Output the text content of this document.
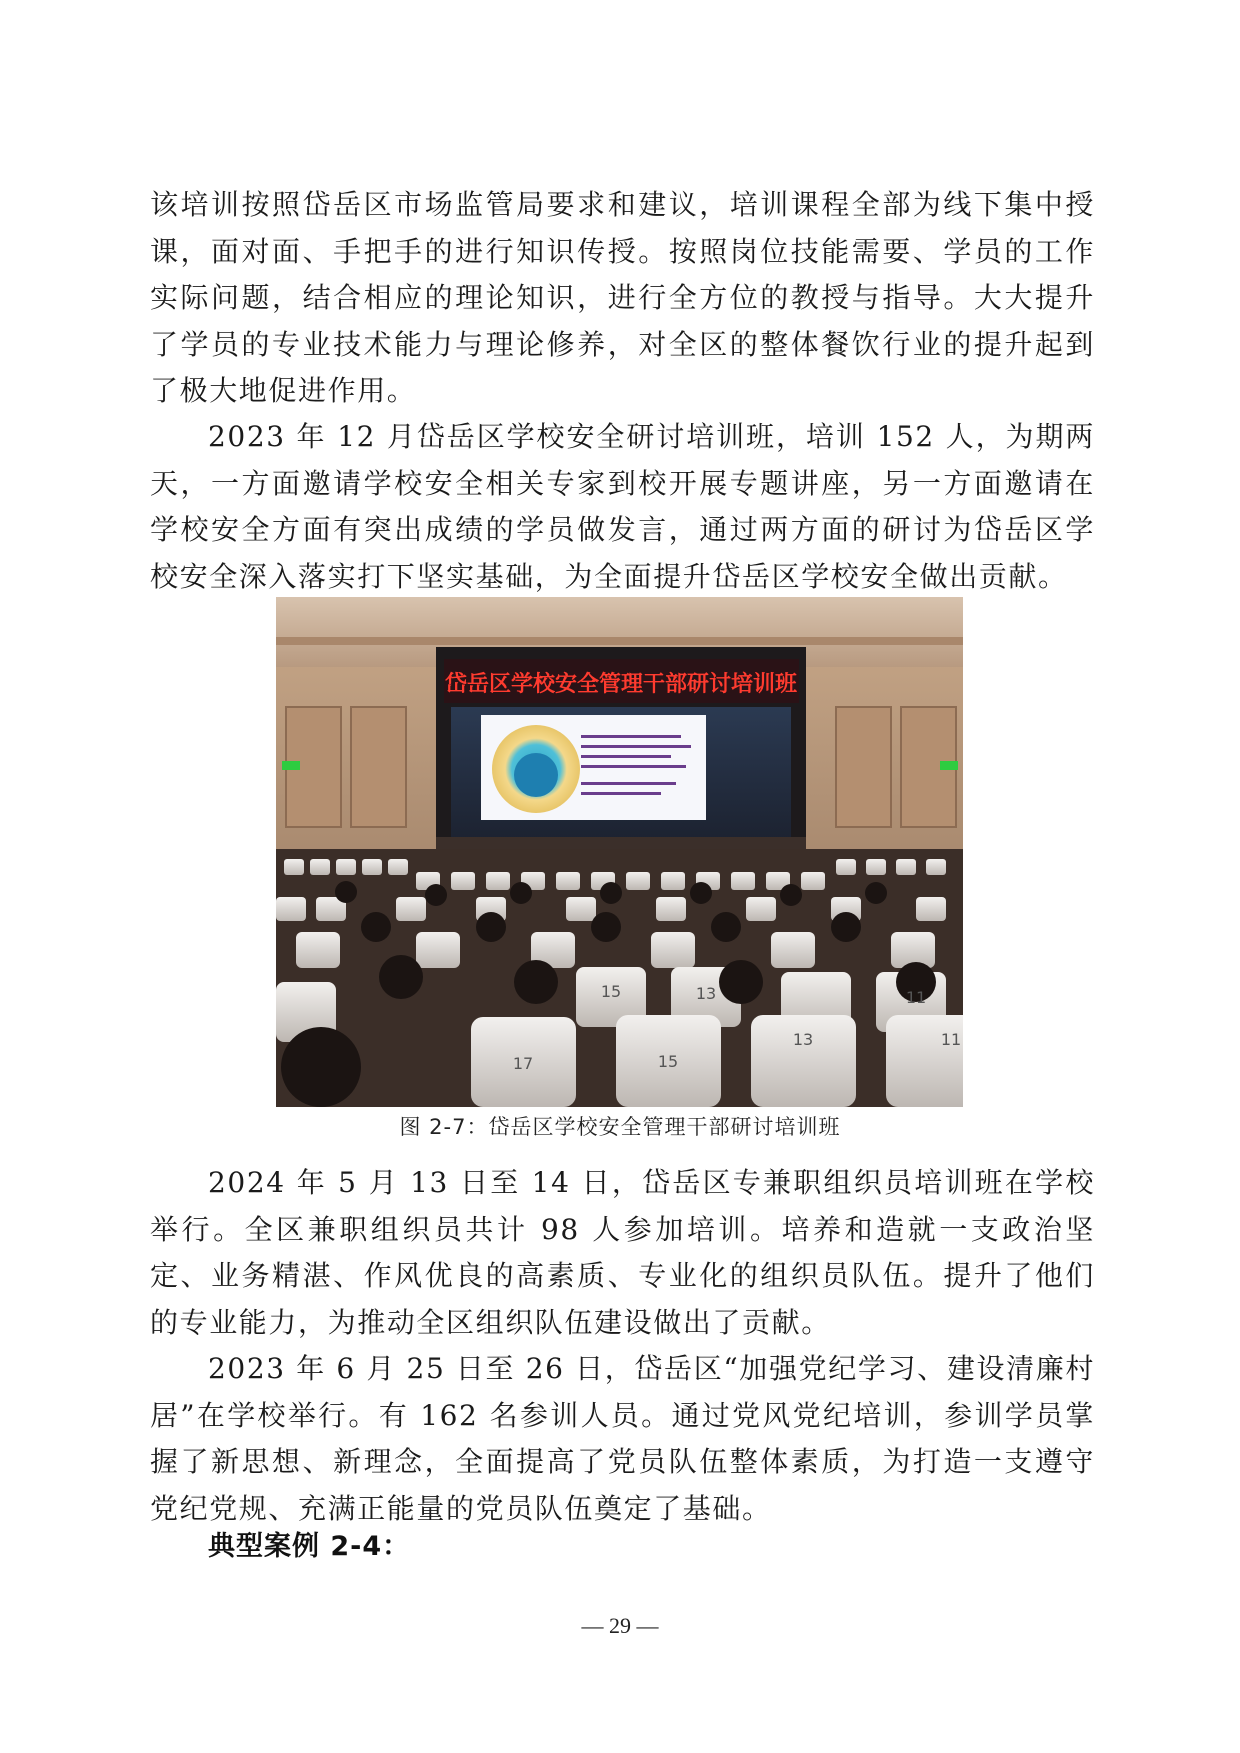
该培训按照岱岳区市场监管局要求和建议，培训课程全部为线下集中授课，面对面、手把手的进行知识传授。按照岗位技能需要、学员的工作实际问题，结合相应的理论知识，进行全方位的教授与指导。大大提升了学员的专业技术能力与理论修养，对全区的整体餐饮行业的提升起到了极大地促进作用。

2023 年 12 月岱岳区学校安全研讨培训班，培训 152 人，为期两天，一方面邀请学校安全相关专家到校开展专题讲座，另一方面邀请在学校安全方面有突出成绩的学员做发言，通过两方面的研讨为岱岳区学校安全深入落实打下坚实基础，为全面提升岱岳区学校安全做出贡献。

岱岳区学校安全管理干部研讨培训班
15	13
17	15
13
11
11
图 2-7：岱岳区学校安全管理干部研讨培训班

2024 年 5 月 13 日至 14 日，岱岳区专兼职组织员培训班在学校举行。全区兼职组织员共计 98 人参加培训。培养和造就一支政治坚定、业务精湛、作风优良的高素质、专业化的组织员队伍。提升了他们的专业能力，为推动全区组织队伍建设做出了贡献。

2023 年 6 月 25 日至 26 日，岱岳区“加强党纪学习、建设清廉村居”在学校举行。有 162 名参训人员。通过党风党纪培训，参训学员掌握了新思想、新理念，全面提高了党员队伍整体素质，为打造一支遵守党纪党规、充满正能量的党员队伍奠定了基础。

典型案例 2-4：
— 29 —
